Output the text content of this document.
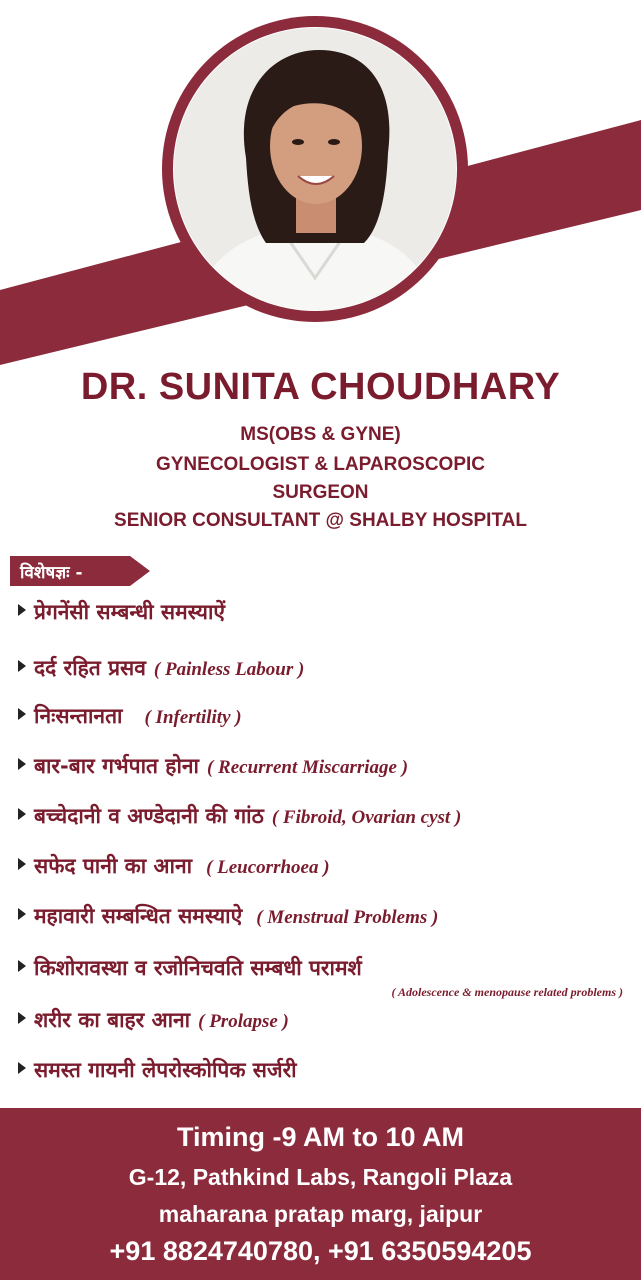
DR. SUNITA CHOUDHARY
MS(OBS & GYNE)
GYNECOLOGIST & LAPAROSCOPIC
SURGEON
SENIOR CONSULTANT @ SHALBY HOSPITAL
विशेषज्ञः -
प्रेगनेंसी सम्बन्धी समस्याऐं
दर्द रहित प्रसव ( Painless Labour )
निःसन्तानता ( Infertility )
बार-बार गर्भपात होना ( Recurrent Miscarriage )
बच्चेदानी व अण्डेदानी की गांठ ( Fibroid, Ovarian cyst )
सफेद पानी का आना ( Leucorrhoea )
महावारी सम्बन्धित समस्याऐ ( Menstrual Problems )
किशोरावस्था व रजोनिचवति सम्बधी परामर्श
( Adolescence & menopause related problems )
शरीर का बाहर आना ( Prolapse )
समस्त गायनी लेपरोस्कोपिक सर्जरी
Timing -9 AM to 10 AM
G-12, Pathkind Labs, Rangoli Plaza
maharana pratap marg, jaipur
+91 8824740780, +91 6350594205
